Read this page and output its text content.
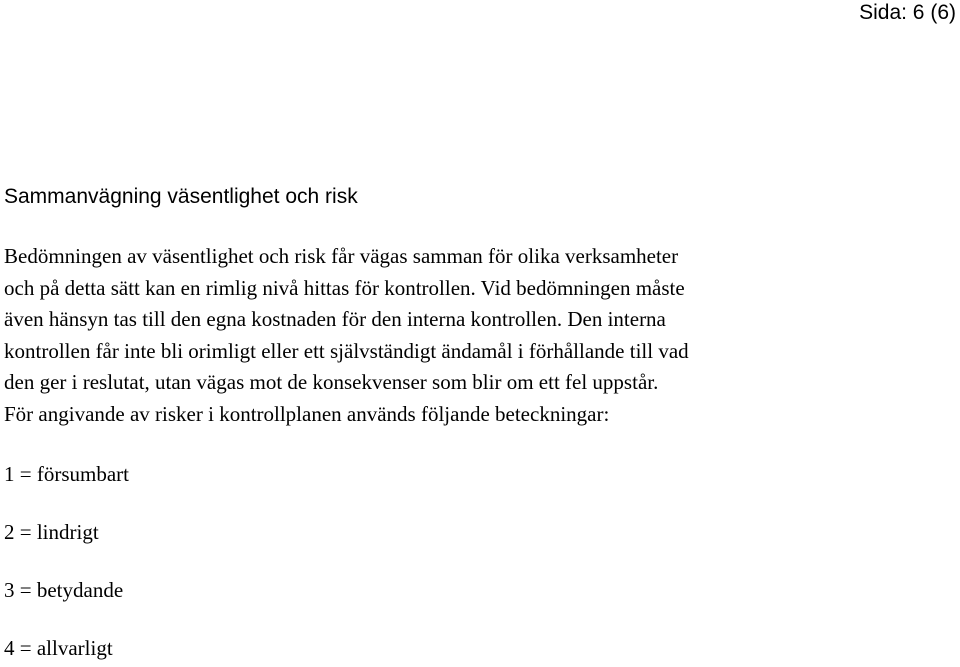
Sida: 6 (6)
Sammanvägning väsentlighet och risk

Bedömningen av väsentlighet och risk får vägas samman för olika verksamheter
och på detta sätt kan en rimlig nivå hittas för kontrollen. Vid bedömningen måste
även hänsyn tas till den egna kostnaden för den interna kontrollen. Den interna
kontrollen får inte bli orimligt eller ett självständigt ändamål i förhållande till vad
den ger i reslutat, utan vägas mot de konsekvenser som blir om ett fel uppstår.
För angivande av risker i kontrollplanen används följande beteckningar:

1 = försumbart

2 = lindrigt

3 = betydande

4 = allvarligt
